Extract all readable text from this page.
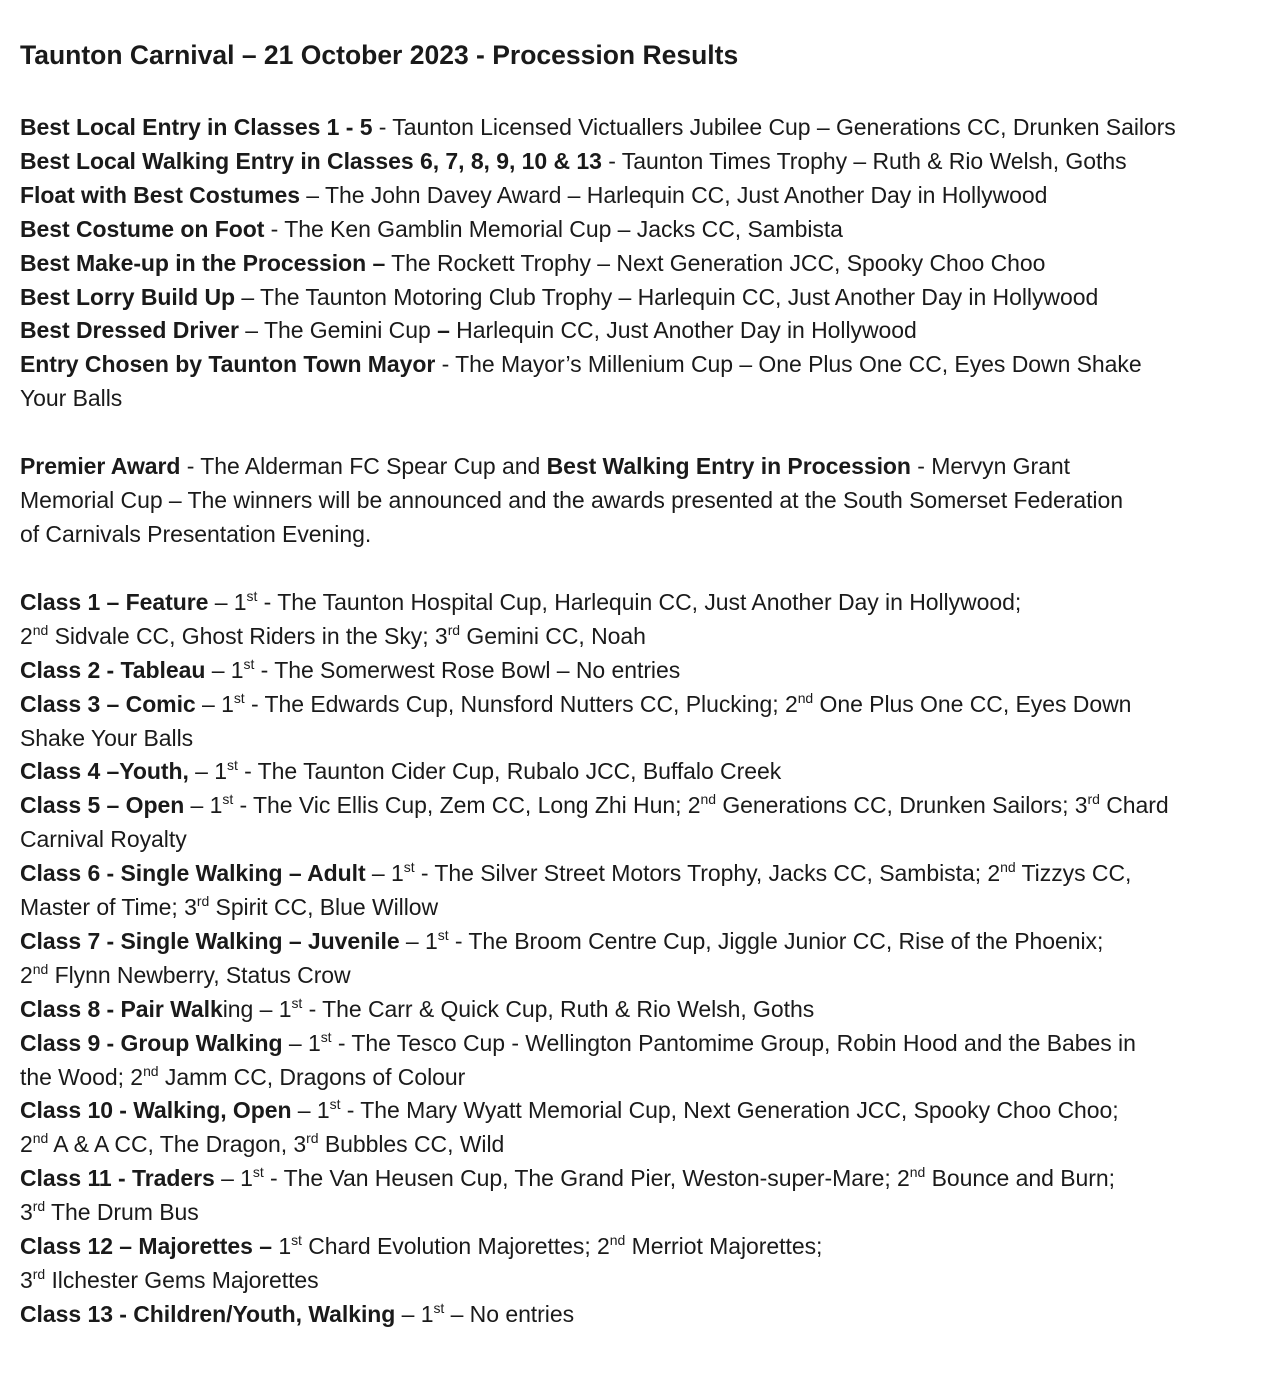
Taunton Carnival – 21 October 2023 - Procession Results
Best Local Entry in Classes 1 - 5 - Taunton Licensed Victuallers Jubilee Cup – Generations CC, Drunken Sailors
Best Local Walking Entry in Classes 6, 7, 8, 9, 10 & 13 - Taunton Times Trophy – Ruth & Rio Welsh, Goths
Float with Best Costumes – The John Davey Award – Harlequin CC, Just Another Day in Hollywood
Best Costume on Foot - The Ken Gamblin Memorial Cup – Jacks CC, Sambista
Best Make-up in the Procession – The Rockett Trophy – Next Generation JCC, Spooky Choo Choo
Best Lorry Build Up – The Taunton Motoring Club Trophy – Harlequin CC, Just Another Day in Hollywood
Best Dressed Driver – The Gemini Cup – Harlequin CC, Just Another Day in Hollywood
Entry Chosen by Taunton Town Mayor - The Mayor’s Millenium Cup – One Plus One CC, Eyes Down Shake
Your Balls
Premier Award - The Alderman FC Spear Cup and Best Walking Entry in Procession - Mervyn Grant
Memorial Cup – The winners will be announced and the awards presented at the South Somerset Federation
of Carnivals Presentation Evening.
Class 1 – Feature – 1st - The Taunton Hospital Cup, Harlequin CC, Just Another Day in Hollywood;
2nd Sidvale CC, Ghost Riders in the Sky; 3rd Gemini CC, Noah
Class 2 - Tableau – 1st - The Somerwest Rose Bowl – No entries
Class 3 – Comic – 1st - The Edwards Cup, Nunsford Nutters CC, Plucking; 2nd One Plus One CC, Eyes Down
Shake Your Balls
Class 4 –Youth, – 1st - The Taunton Cider Cup, Rubalo JCC, Buffalo Creek
Class 5 – Open – 1st - The Vic Ellis Cup, Zem CC, Long Zhi Hun; 2nd Generations CC, Drunken Sailors; 3rd Chard
Carnival Royalty
Class 6 - Single Walking – Adult – 1st - The Silver Street Motors Trophy, Jacks CC, Sambista; 2nd Tizzys CC,
Master of Time; 3rd Spirit CC, Blue Willow
Class 7 - Single Walking – Juvenile – 1st - The Broom Centre Cup, Jiggle Junior CC, Rise of the Phoenix;
2nd Flynn Newberry, Status Crow
Class 8 - Pair Walking – 1st - The Carr & Quick Cup, Ruth & Rio Welsh, Goths
Class 9 - Group Walking – 1st - The Tesco Cup - Wellington Pantomime Group, Robin Hood and the Babes in
the Wood; 2nd Jamm CC, Dragons of Colour
Class 10 - Walking, Open – 1st - The Mary Wyatt Memorial Cup, Next Generation JCC, Spooky Choo Choo;
2nd A & A CC, The Dragon, 3rd Bubbles CC, Wild
Class 11 - Traders – 1st - The Van Heusen Cup, The Grand Pier, Weston-super-Mare; 2nd Bounce and Burn;
3rd The Drum Bus
Class 12 – Majorettes – 1st Chard Evolution Majorettes; 2nd Merriot Majorettes;
3rd Ilchester Gems Majorettes
Class 13 - Children/Youth, Walking – 1st – No entries
